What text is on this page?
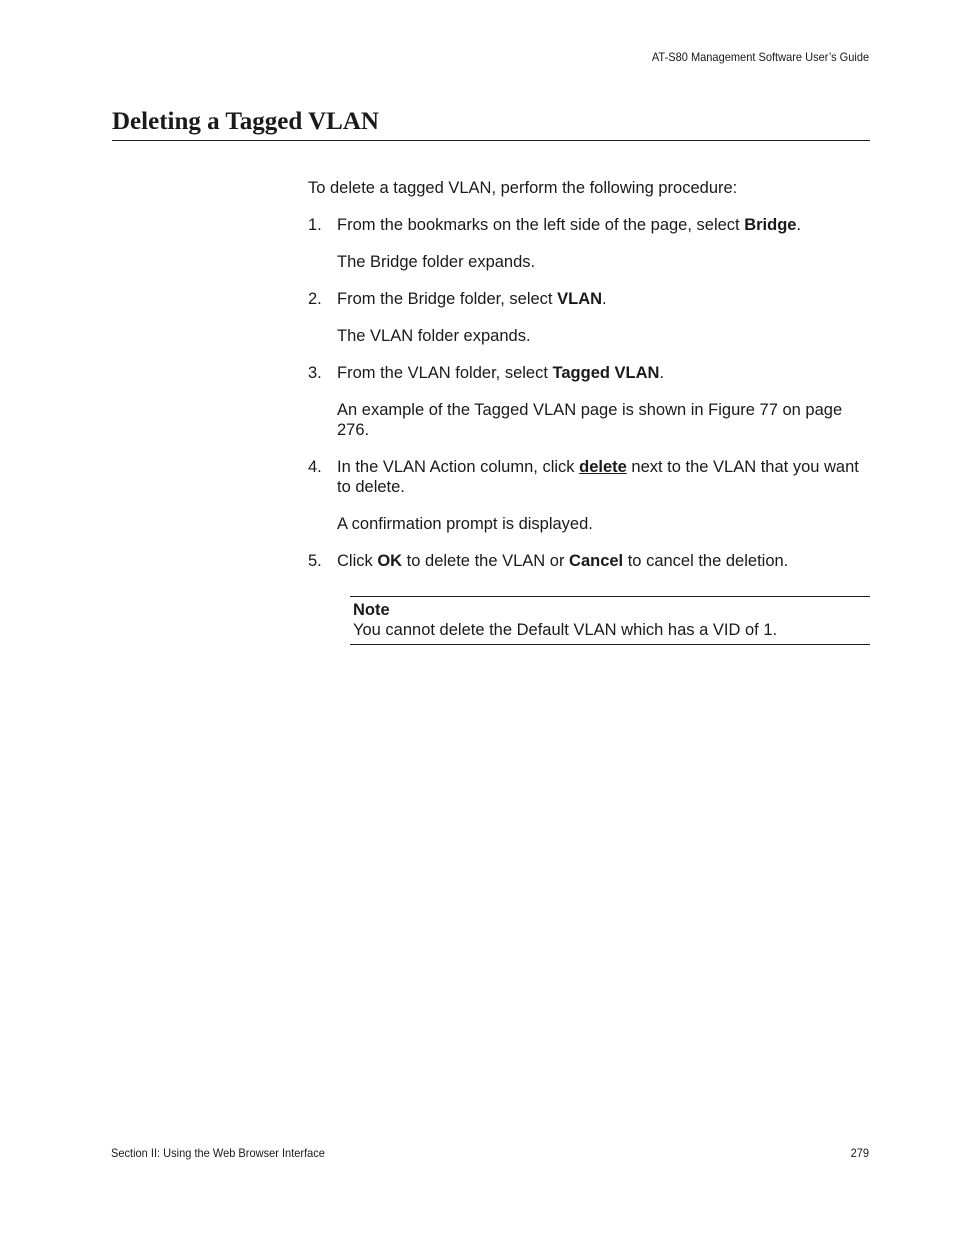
AT-S80 Management Software User’s Guide
Deleting a Tagged VLAN

To delete a tagged VLAN, perform the following procedure:

1. From the bookmarks on the left side of the page, select Bridge.

The Bridge folder expands.

2. From the Bridge folder, select VLAN.

The VLAN folder expands.

3. From the VLAN folder, select Tagged VLAN.

An example of the Tagged VLAN page is shown in Figure 77 on page 276.

4. In the VLAN Action column, click delete next to the VLAN that you want to delete.

A confirmation prompt is displayed.

5. Click OK to delete the VLAN or Cancel to cancel the deletion.

Note
You cannot delete the Default VLAN which has a VID of 1.
Section II: Using the Web Browser Interface	279
